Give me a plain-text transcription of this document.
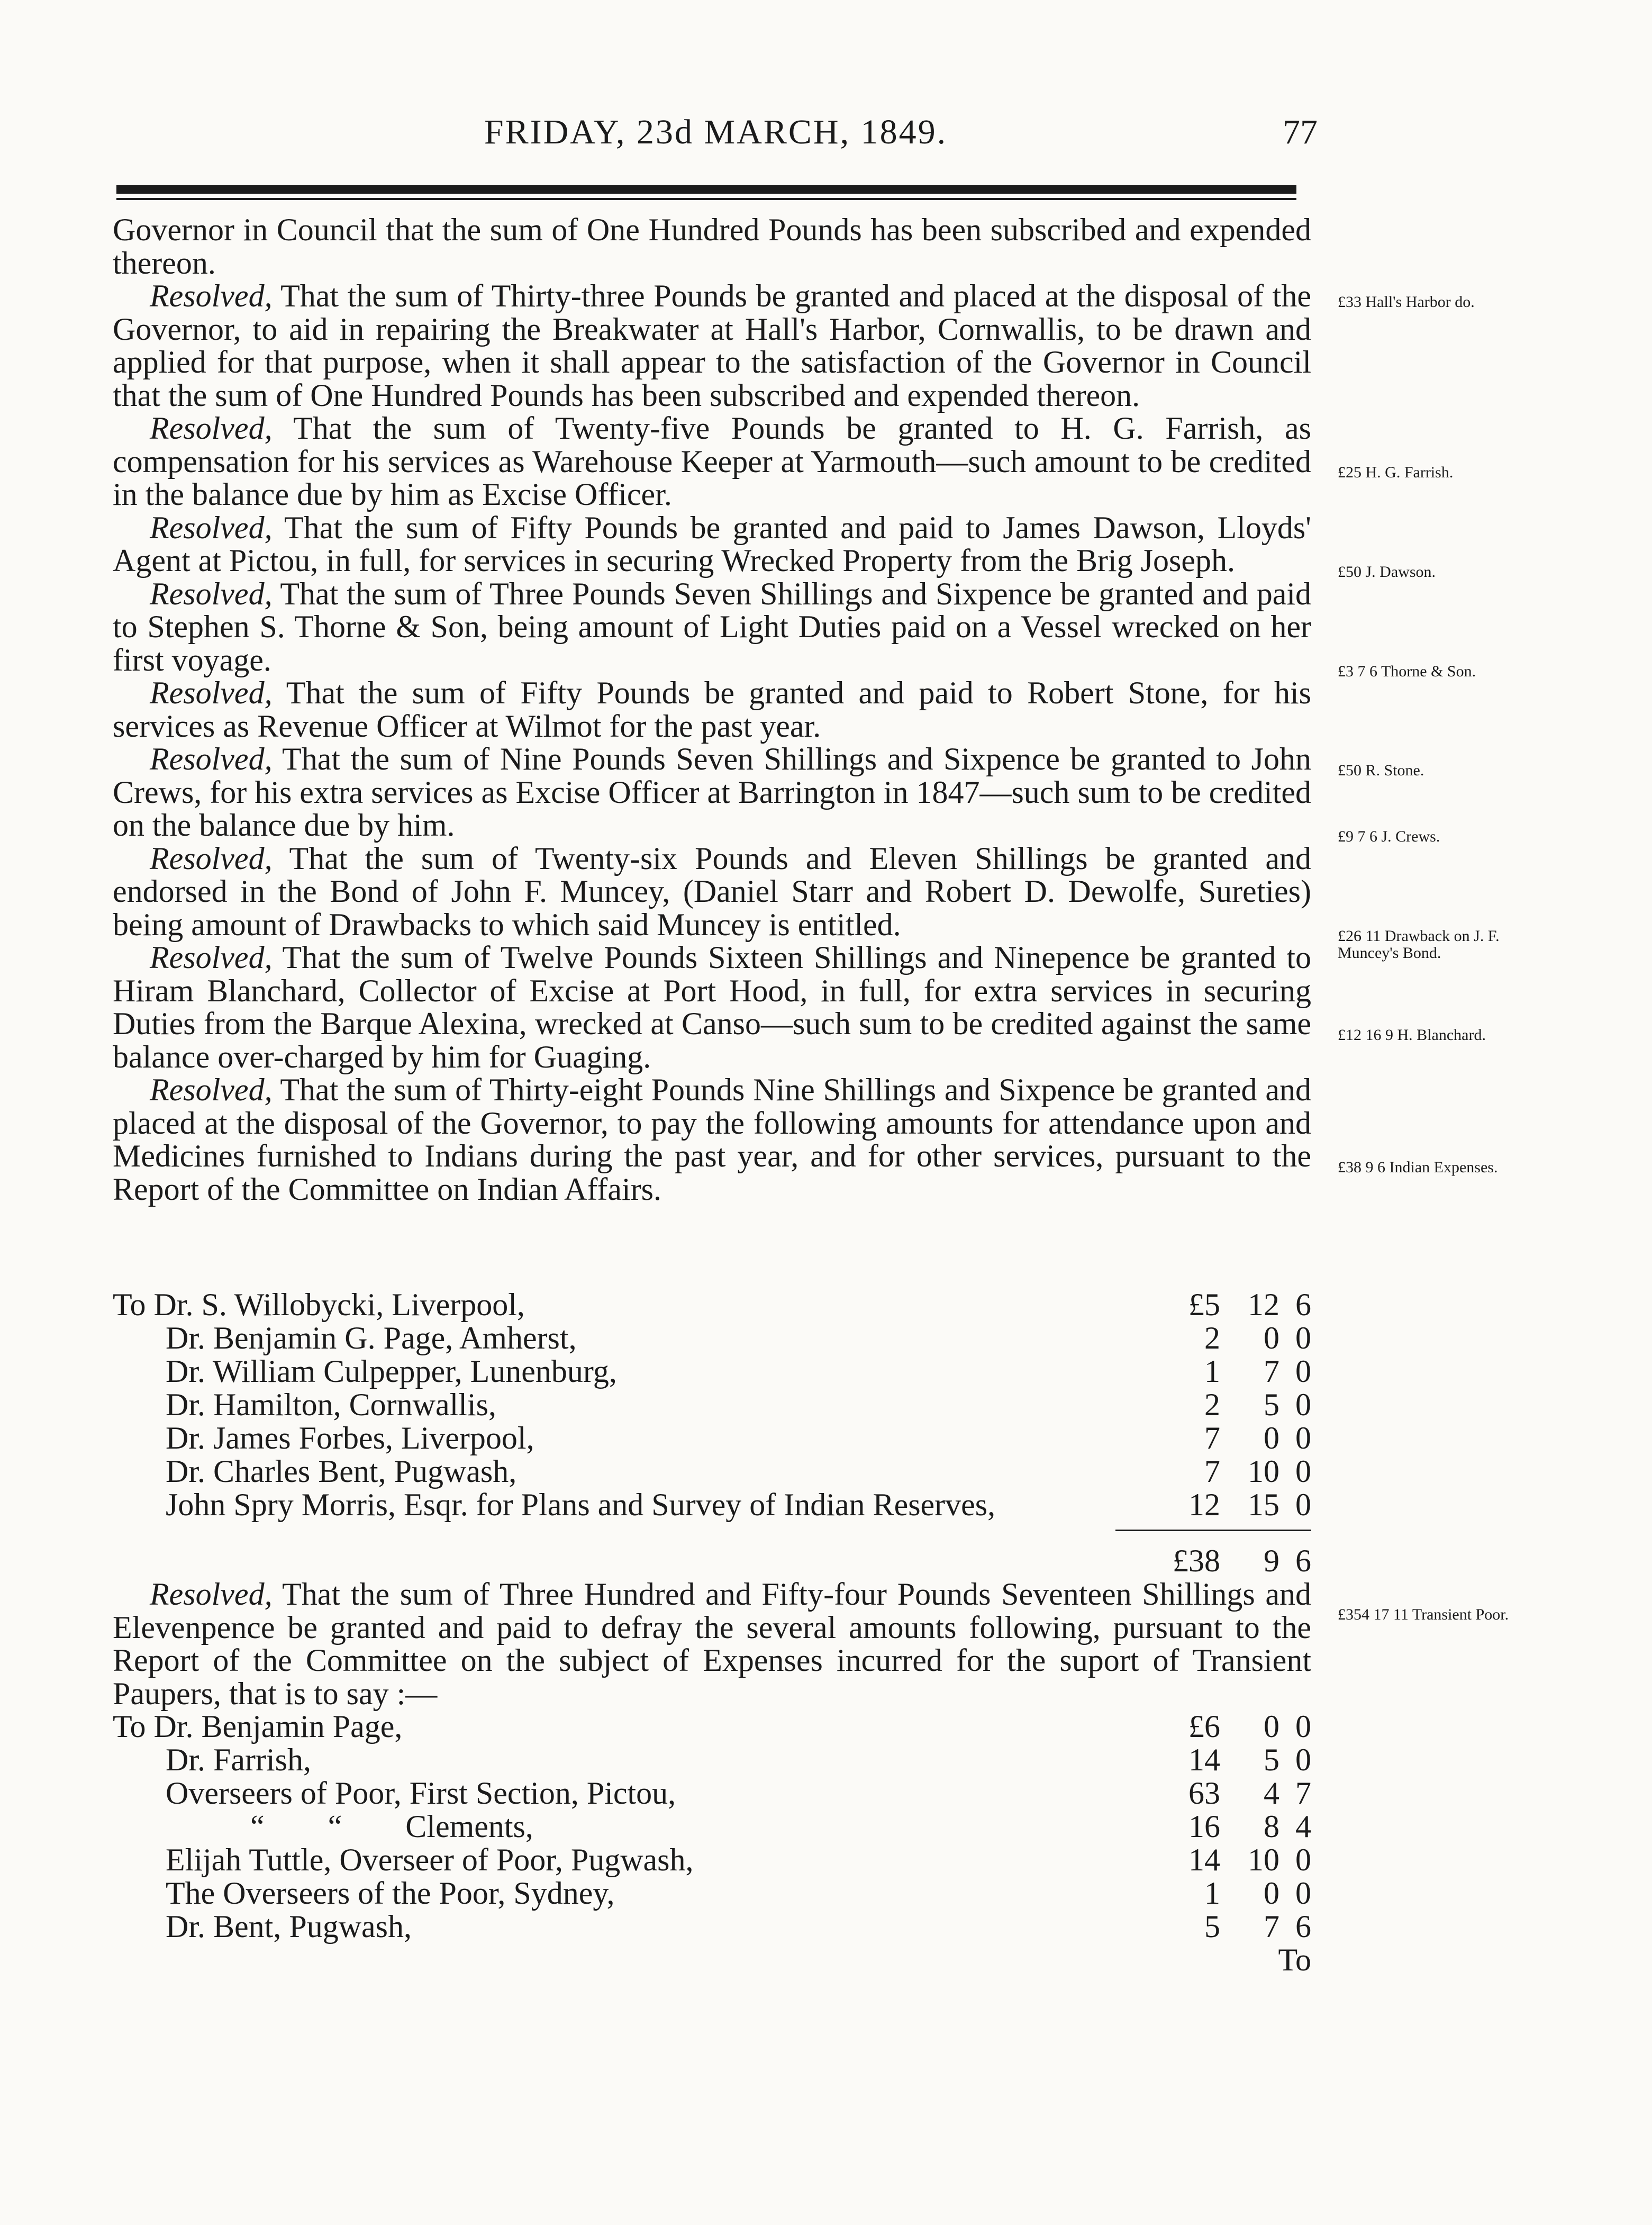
FRIDAY, 23d MARCH, 1849.	77

Governor in Council that the sum of One Hundred Pounds has been subscribed and expended thereon.

Resolved, That the sum of Thirty-three Pounds be granted and placed at the disposal of the Governor, to aid in repairing the Breakwater at Hall's Harbor, Cornwallis, to be drawn and applied for that purpose, when it shall appear to the satisfaction of the Governor in Council that the sum of One Hundred Pounds has been subscribed and expended thereon.

Resolved, That the sum of Twenty-five Pounds be granted to H. G. Farrish, as compensation for his services as Warehouse Keeper at Yarmouth—such amount to be credited in the balance due by him as Excise Officer.

Resolved, That the sum of Fifty Pounds be granted and paid to James Dawson, Lloyds' Agent at Pictou, in full, for services in securing Wrecked Property from the Brig Joseph.

Resolved, That the sum of Three Pounds Seven Shillings and Sixpence be granted and paid to Stephen S. Thorne & Son, being amount of Light Duties paid on a Vessel wrecked on her first voyage.

Resolved, That the sum of Fifty Pounds be granted and paid to Robert Stone, for his services as Revenue Officer at Wilmot for the past year.

Resolved, That the sum of Nine Pounds Seven Shillings and Sixpence be granted to John Crews, for his extra services as Excise Officer at Barrington in 1847—such sum to be credited on the balance due by him.

Resolved, That the sum of Twenty-six Pounds and Eleven Shillings be granted and endorsed in the Bond of John F. Muncey, (Daniel Starr and Robert D. Dewolfe, Sureties) being amount of Drawbacks to which said Muncey is entitled.

Resolved, That the sum of Twelve Pounds Sixteen Shillings and Ninepence be granted to Hiram Blanchard, Collector of Excise at Port Hood, in full, for extra services in securing Duties from the Barque Alexina, wrecked at Canso—such sum to be credited against the same balance over-charged by him for Guaging.

Resolved, That the sum of Thirty-eight Pounds Nine Shillings and Sixpence be granted and placed at the disposal of the Governor, to pay the following amounts for attendance upon and Medicines furnished to Indians during the past year, and for other services, pursuant to the Report of the Committee on Indian Affairs.

£33 Hall's Harbor do.
£25 H. G. Farrish.
£50 J. Dawson.
£3 7 6 Thorne & Son.
£50 R. Stone.
£9 7 6 J. Crews.
£26 11 Drawback on J. F. Muncey's Bond.
£12 16 9 H. Blanchard.
£38 9 6 Indian Expenses.
£354 17 11 Transient Poor.
To Dr. S. Willobycki, Liverpool,	£5 12 6
Dr. Benjamin G. Page, Amherst,	2	0 0
Dr. William Culpepper, Lunenburg,	1	7 0
Dr. Hamilton, Cornwallis,	2	5 0
Dr. James Forbes, Liverpool,	7	0 0
Dr. Charles Bent, Pugwash,	7 10 0
John Spry Morris, Esqr. for Plans and Survey of Indian Reserves,	12 15 0
£38	9 6

Resolved, That the sum of Three Hundred and Fifty-four Pounds Seventeen Shillings and Elevenpence be granted and paid to defray the several amounts following, pursuant to the Report of the Committee on the subject of Expenses incurred for the suport of Transient Paupers, that is to say :—

To Dr. Benjamin Page,	£6	0 0
Dr. Farrish,	14	5 0
Overseers of Poor, First Section, Pictou,	63	4 7
“        “        Clements,	16	8 4
Elijah Tuttle, Overseer of Poor, Pugwash,	14 10 0
The Overseers of the Poor, Sydney,	1	0 0
Dr. Bent, Pugwash,	5	7 6
To
